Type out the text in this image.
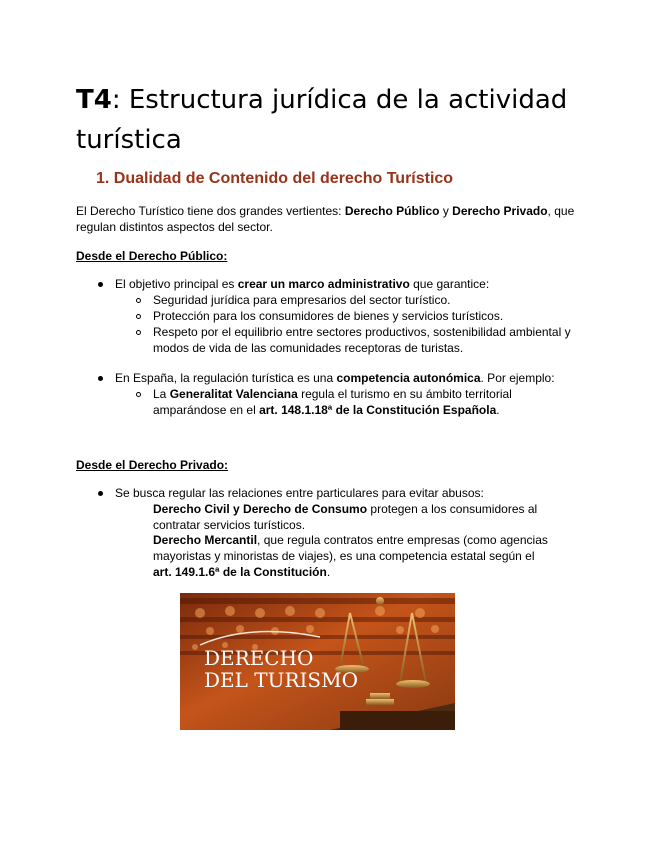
T4: Estructura jurídica de la actividad turística
1. Dualidad de Contenido del derecho Turístico

El Derecho Turístico tiene dos grandes vertientes: Derecho Público y Derecho Privado, que regulan distintos aspectos del sector.

Desde el Derecho Público:

El objetivo principal es crear un marco administrativo que garantice:
Seguridad jurídica para empresarios del sector turístico.
Protección para los consumidores de bienes y servicios turísticos.
Respeto por el equilibrio entre sectores productivos, sostenibilidad ambiental y modos de vida de las comunidades receptoras de turistas.
En España, la regulación turística es una competencia autonómica. Por ejemplo:
La Generalitat Valenciana regula el turismo en su ámbito territorial amparándose en el art. 148.1.18ª de la Constitución Española.

Desde el Derecho Privado:

Se busca regular las relaciones entre particulares para evitar abusos:
Derecho Civil y Derecho de Consumo protegen a los consumidores al contratar servicios turísticos.
Derecho Mercantil, que regula contratos entre empresas (como agencias mayoristas y minoristas de viajes), es una competencia estatal según el art. 149.1.6ª de la Constitución.
DERECHO
DEL TURISMO
